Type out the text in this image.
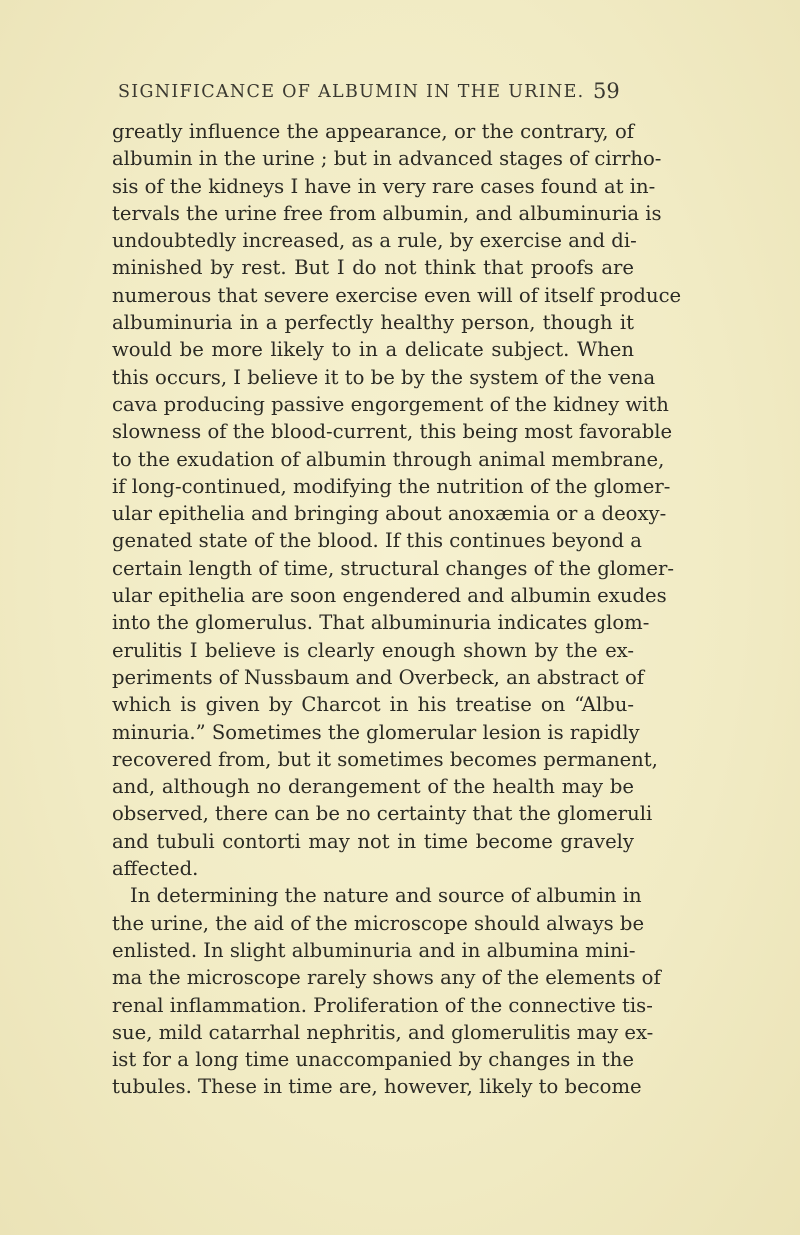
SIGNIFICANCE OF ALBUMIN IN THE URINE. 59
greatly influence the appearance, or the contrary, of
albumin in the urine ; but in advanced stages of cirrho-
sis of the kidneys I have in very rare cases found at in-
tervals the urine free from albumin, and albuminuria is
undoubtedly increased, as a rule, by exercise and di-
minished by rest. But I do not think that proofs are
numerous that severe exercise even will of itself produce
albuminuria in a perfectly healthy person, though it
would be more likely to in a delicate subject. When
this occurs, I believe it to be by the system of the vena
cava producing passive engorgement of the kidney with
slowness of the blood-current, this being most favorable
to the exudation of albumin through animal membrane,
if long-continued, modifying the nutrition of the glomer-
ular epithelia and bringing about anoxæmia or a deoxy-
genated state of the blood. If this continues beyond a
certain length of time, structural changes of the glomer-
ular epithelia are soon engendered and albumin exudes
into the glomerulus. That albuminuria indicates glom-
erulitis I believe is clearly enough shown by the ex-
periments of Nussbaum and Overbeck, an abstract of
which is given by Charcot in his treatise on “Albu-
minuria.” Sometimes the glomerular lesion is rapidly
recovered from, but it sometimes becomes permanent,
and, although no derangement of the health may be
observed, there can be no certainty that the glomeruli
and tubuli contorti may not in time become gravely
affected.
In determining the nature and source of albumin in
the urine, the aid of the microscope should always be
enlisted. In slight albuminuria and in albumina mini-
ma the microscope rarely shows any of the elements of
renal inflammation. Proliferation of the connective tis-
sue, mild catarrhal nephritis, and glomerulitis may ex-
ist for a long time unaccompanied by changes in the
tubules. These in time are, however, likely to become
